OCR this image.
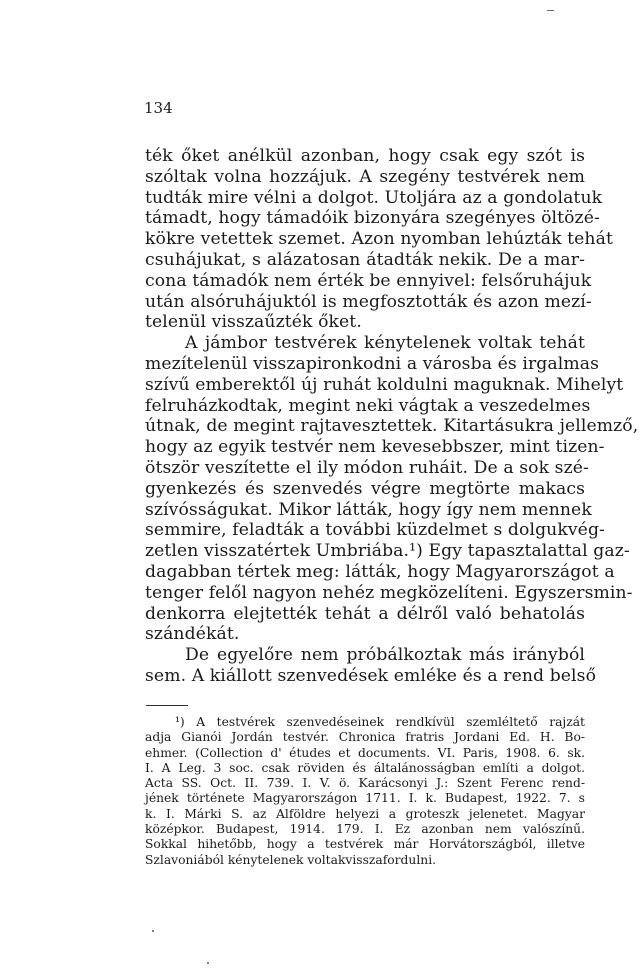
134
ték őket anélkül azonban, hogy csak egy szót is
szóltak volna hozzájuk. A szegény testvérek nem
tudták mire vélni a dolgot. Utoljára az a gondolatuk
támadt, hogy támadóik bizonyára szegényes öltözé-
kökre vetettek szemet. Azon nyomban lehúzták tehát
csuhájukat, s alázatosan átadták nekik. De a mar-
cona támadók nem érték be ennyivel: felsőruhájuk
után alsóruhájuktól is megfosztották és azon mezí-
telenül visszaűzték őket.
A jámbor testvérek kénytelenek voltak tehát
mezítelenül visszapironkodni a városba és irgalmas
szívű emberektől új ruhát koldulni maguknak. Mihelyt
felruházkodtak, megint neki vágtak a veszedelmes
útnak, de megint rajtavesztettek. Kitartásukra jellemző,
hogy az egyik testvér nem kevesebbszer, mint tizen-
ötször veszítette el ily módon ruháit. De a sok szé-
gyenkezés és szenvedés végre megtörte makacs
szívósságukat. Mikor látták, hogy így nem mennek
semmire, feladták a további küzdelmet s dolgukvég-
zetlen visszatértek Umbriába.¹) Egy tapasztalattal gaz-
dagabban tértek meg: látták, hogy Magyarországot a
tenger felől nagyon nehéz megközelíteni. Egyszersmin-
denkorra elejtették tehát a délről való behatolás
szándékát.
De egyelőre nem próbálkoztak más irányból
sem. A kiállott szenvedések emléke és a rend belső
¹) A testvérek szenvedéseinek rendkívül szemléltető rajzát
adja Gianói Jordán testvér. Chronica fratris Jordani Ed. H. Bo-
ehmer. (Collection d' études et documents. VI. Paris, 1908. 6. sk.
I. A Leg. 3 soc. csak röviden és általánosságban említi a dolgot.
Acta SS. Oct. II. 739. I. V. ö. Karácsonyi J.: Szent Ferenc rend-
jének története Magyarországon 1711. I. k. Budapest, 1922. 7. s
k. I. Márki S. az Alföldre helyezi a groteszk jelenetet. Magyar
középkor. Budapest, 1914. 179. I. Ez azonban nem valószínű.
Sokkal hihetőbb, hogy a testvérek már Horvátországból, illetve
Szlavoniából kénytelenek voltakvisszafordulni.
